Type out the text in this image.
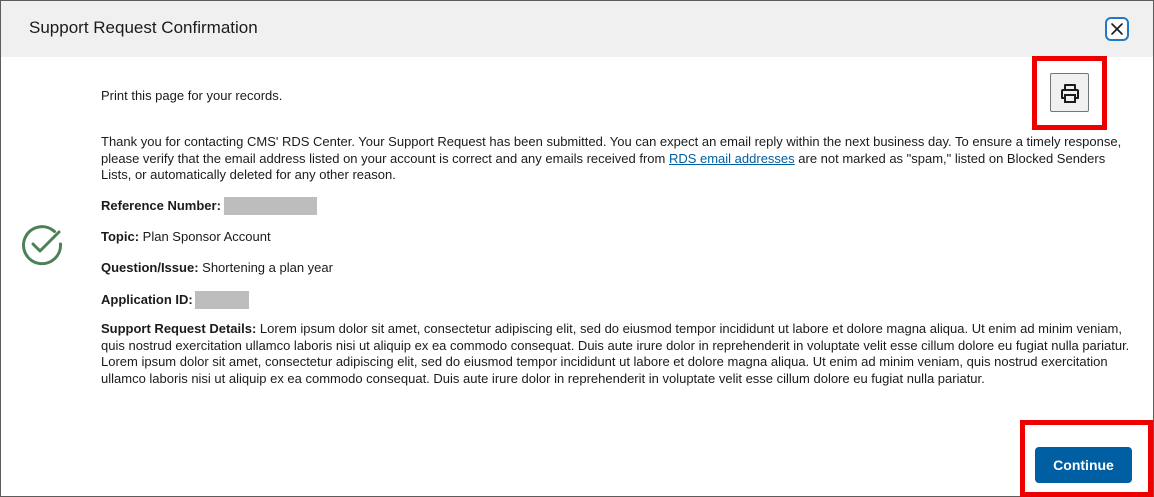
Support Request Confirmation
Print this page for your records.
Thank you for contacting CMS' RDS Center. Your Support Request has been submitted. You can expect an email reply within the next business day. To ensure a timely response, please verify that the email address listed on your account is correct and any emails received from RDS email addresses are not marked as "spam," listed on Blocked Senders Lists, or automatically deleted for any other reason.
Reference Number:
Topic: Plan Sponsor Account
Question/Issue: Shortening a plan year
Application ID:
Support Request Details: Lorem ipsum dolor sit amet, consectetur adipiscing elit, sed do eiusmod tempor incididunt ut labore et dolore magna aliqua. Ut enim ad minim veniam, quis nostrud exercitation ullamco laboris nisi ut aliquip ex ea commodo consequat. Duis aute irure dolor in reprehenderit in voluptate velit esse cillum dolore eu fugiat nulla pariatur. Lorem ipsum dolor sit amet, consectetur adipiscing elit, sed do eiusmod tempor incididunt ut labore et dolore magna aliqua. Ut enim ad minim veniam, quis nostrud exercitation ullamco laboris nisi ut aliquip ex ea commodo consequat. Duis aute irure dolor in reprehenderit in voluptate velit esse cillum dolore eu fugiat nulla pariatur.
Continue
